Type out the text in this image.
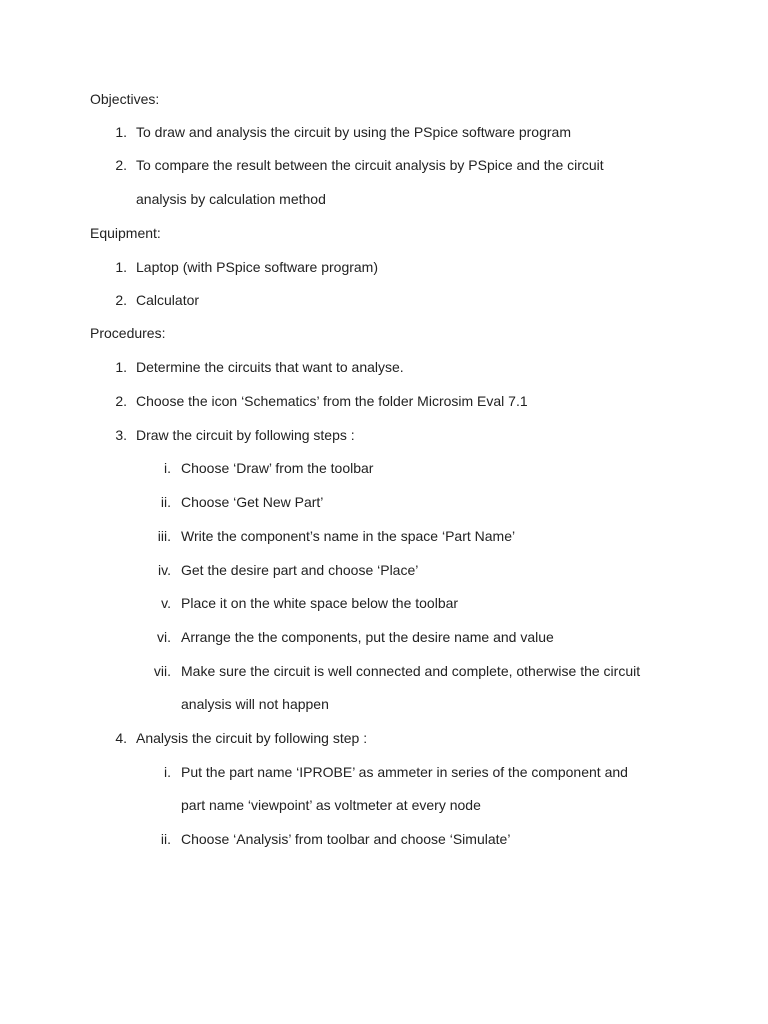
Objectives:
1. To draw and analysis the circuit by using the PSpice software program
2. To compare the result between the circuit analysis by PSpice and the circuit
analysis by calculation method
Equipment:
1. Laptop (with PSpice software program)
2. Calculator
Procedures:
1. Determine the circuits that want to analyse.
2. Choose the icon ‘Schematics’ from the folder Microsim Eval 7.1
3. Draw the circuit by following steps :
i. Choose ‘Draw’ from the toolbar
ii. Choose ‘Get New Part’
iii. Write the component’s name in the space ‘Part Name’
iv. Get the desire part and choose ‘Place’
v. Place it on the white space below the toolbar
vi. Arrange the the components, put the desire name and value
vii. Make sure the circuit is well connected and complete, otherwise the circuit
analysis will not happen
4. Analysis the circuit by following step :
i. Put the part name ‘IPROBE’ as ammeter in series of the component and
part name ‘viewpoint’ as voltmeter at every node
ii. Choose ‘Analysis’ from toolbar and choose ‘Simulate’
